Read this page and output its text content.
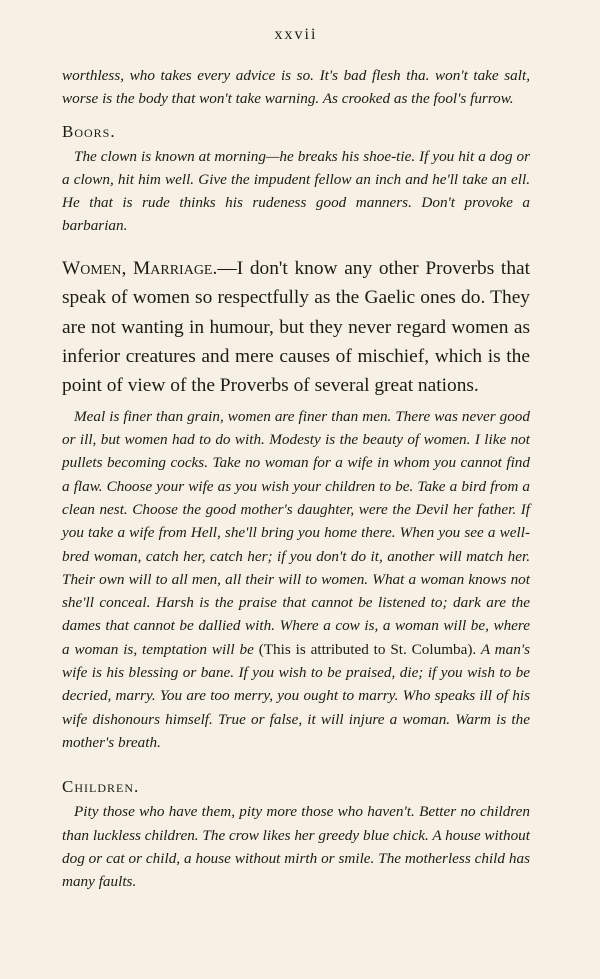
xxvii

worthless, who takes every advice is so. It's bad flesh tha. won't take salt, worse is the body that won't take warning. As crooked as the fool's furrow.

Boors.

The clown is known at morning—he breaks his shoe-tie. If you hit a dog or a clown, hit him well. Give the impudent fellow an inch and he'll take an ell. He that is rude thinks his rudeness good manners. Don't provoke a barbarian.

Women, Marriage.—I don't know any other Proverbs that speak of women so respectfully as the Gaelic ones do. They are not wanting in humour, but they never regard women as inferior creatures and mere causes of mischief, which is the point of view of the Proverbs of several great nations.

Meal is finer than grain, women are finer than men. There was never good or ill, but women had to do with. Modesty is the beauty of women. I like not pullets becoming cocks. Take no woman for a wife in whom you cannot find a flaw. Choose your wife as you wish your children to be. Take a bird from a clean nest. Choose the good mother's daughter, were the Devil her father. If you take a wife from Hell, she'll bring you home there. When you see a well-bred woman, catch her, catch her; if you don't do it, another will match her. Their own will to all men, all their will to women. What a woman knows not she'll conceal. Harsh is the praise that cannot be listened to; dark are the dames that cannot be dallied with. Where a cow is, a woman will be, where a woman is, temptation will be (This is attributed to St. Columba). A man's wife is his blessing or bane. If you wish to be praised, die; if you wish to be decried, marry. You are too merry, you ought to marry. Who speaks ill of his wife dishonours himself. True or false, it will injure a woman. Warm is the mother's breath.

Children.

Pity those who have them, pity more those who haven't. Better no children than luckless children. The crow likes her greedy blue chick. A house without dog or cat or child, a house without mirth or smile. The motherless child has many faults.
